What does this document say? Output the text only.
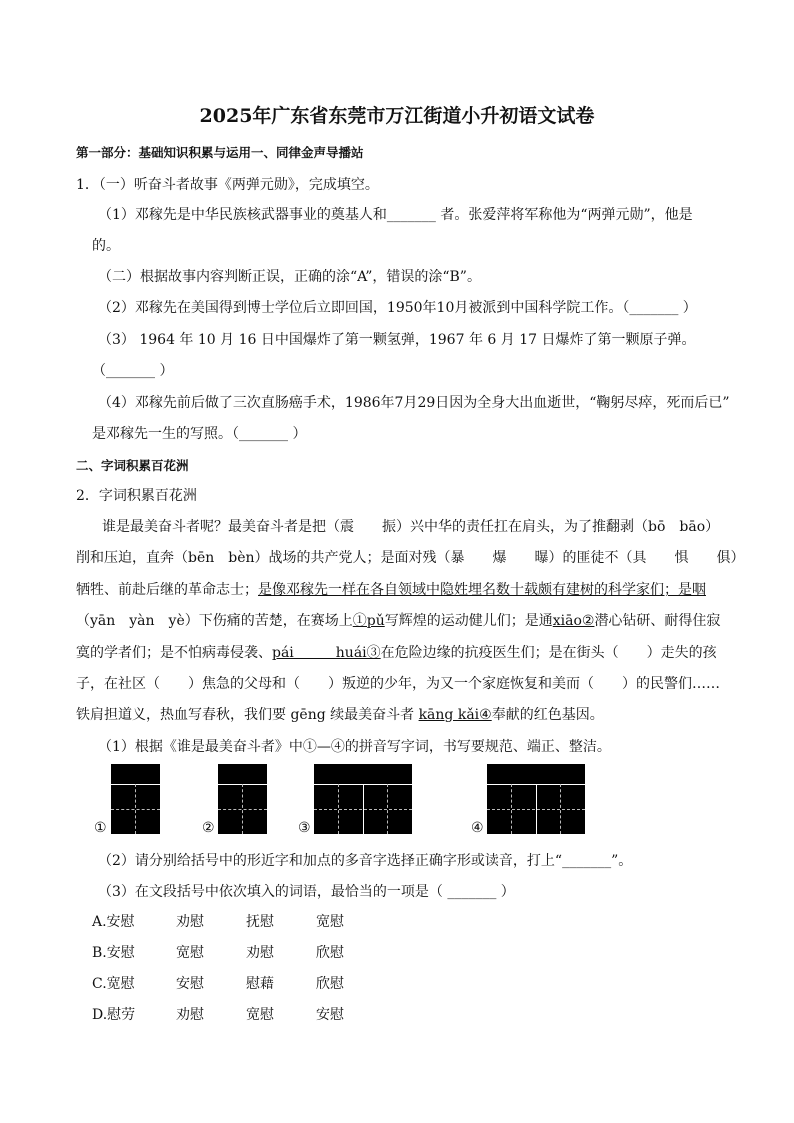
2025年广东省东莞市万江街道小升初语文试卷
第一部分：基础知识积累与运用一、同律金声导播站
1．（一）听奋斗者故事《两弹元勋》，完成填空。
（1）邓稼先是中华民族核武器事业的奠基人和_______ 者。张爱萍将军称他为“两弹元勋”，他是
的。
（二）根据故事内容判断正误，正确的涂“A”，错误的涂“B”。
（2）邓稼先在美国得到博士学位后立即回国，1950年10月被派到中国科学院工作。（_______ ）
（3） 1964 年 10 月 16 日中国爆炸了第一颗氢弹，1967 年 6 月 17 日爆炸了第一颗原子弹。
（_______ ）
（4）邓稼先前后做了三次直肠癌手术，1986年7月29日因为全身大出血逝世，“鞠躬尽瘁，死而后已”
是邓稼先一生的写照。（_______ ）
二、字词积累百花洲
2．字词积累百花洲
谁是最美奋斗者呢？最美奋斗者是把（震　　振）兴中华的责任扛在肩头，为了推翻剥（bō　bāo）
削和压迫，直奔（bēn　bèn）战场的共产党人；是面对残（暴　　爆　　曝）的匪徒不（具　　惧　　俱）
牺牲、前赴后继的革命志士；是像邓稼先一样在各自领域中隐姓埋名数十载颇有建树的科学家们；是咽
（yān　yàn　yè）下伤痛的苦楚，在赛场上①pǔ写辉煌的运动健儿们；是通xiāo②潜心钻研、耐得住寂
寞的学者们；是不怕病毒侵袭、pái　　　huái③在危险边缘的抗疫医生们；是在街头（　　）走失的孩
子，在社区（　　）焦急的父母和（　　）叛逆的少年，为又一个家庭恢复和美而（　　）的民警们……
铁肩担道义，热血写春秋，我们要 gēng 续最美奋斗者 kāng kǎi④奉献的红色基因。
（1）根据《谁是最美奋斗者》中①—④的拼音写字词，书写要规范、端正、整洁。
①	②	③	④
（2）请分别给括号中的形近字和加点的多音字选择正确字形或读音，打上“_______”。
（3）在文段括号中依次填入的词语，最恰当的一项是（ _______ ）
A.安慰	劝慰	抚慰	宽慰
B.安慰	宽慰	劝慰	欣慰
C.宽慰	安慰	慰藉	欣慰
D.慰劳	劝慰	宽慰	安慰
